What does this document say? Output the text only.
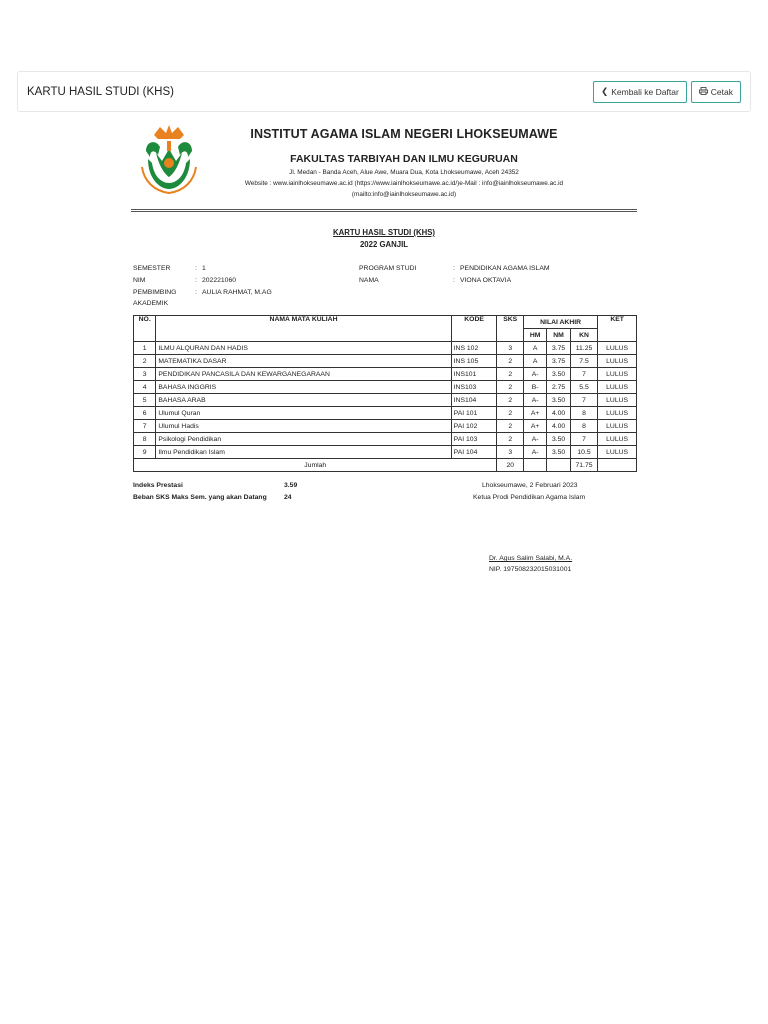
KARTU HASIL STUDI (KHS)	❮ Kembali ke Daftar	Cetak
INSTITUT AGAMA ISLAM NEGERI LHOKSEUMAWE
FAKULTAS TARBIYAH DAN ILMU KEGURUAN
Jl. Medan - Banda Aceh, Alue Awe, Muara Dua, Kota Lhokseumawe, Aceh 24352
Website : www.iainlhokseumawe.ac.id (https://www.iainlhokseumawe.ac.id/)e-Mail : info@iainlhokseumawe.ac.id
(mailto:info@iainlhokseumawe.ac.id)
KARTU HASIL STUDI (KHS)
2022 GANJIL
SEMESTER	: 1
NIM	: 202221060
PEMBIMBING
AKADEMIK
: AULIA RAHMAT, M.AG
PROGRAM STUDI	: PENDIDIKAN AGAMA ISLAM
NAMA	: VIONA OKTAVIA
NO.	NAMA MATA KULIAH	KODE	SKS	NILAI AKHIR			KET
				HM	NM	KN	
1	ILMU ALQURAN DAN HADIS	INS 102	3	A	3.75	11.25	LULUS
2	MATEMATIKA DASAR	INS 105	2	A	3.75	7.5	LULUS
3	PENDIDIKAN PANCASILA DAN KEWARGANEGARAAN	INS101	2	A-	3.50	7	LULUS
4	BAHASA INGGRIS	INS103	2	B-	2.75	5.5	LULUS
5	BAHASA ARAB	INS104	2	A-	3.50	7	LULUS
6	Ulumul Quran	PAI 101	2	A+	4.00	8	LULUS
7	Ulumul Hadis	PAI 102	2	A+	4.00	8	LULUS
8	Psikologi Pendidikan	PAI 103	2	A-	3.50	7	LULUS
9	Ilmu Pendidikan Islam	PAI 104	3	A-	3.50	10.5	LULUS
Jumlah			20			71.75	
Indeks Prestasi	3.59
Beban SKS Maks Sem. yang akan Datang	24
Lhokseumawe, 2 Februari 2023
Ketua Prodi Pendidikan Agama Islam
Dr. Agus Salim Salabi, M.A.
NIP. 197508232015031001
